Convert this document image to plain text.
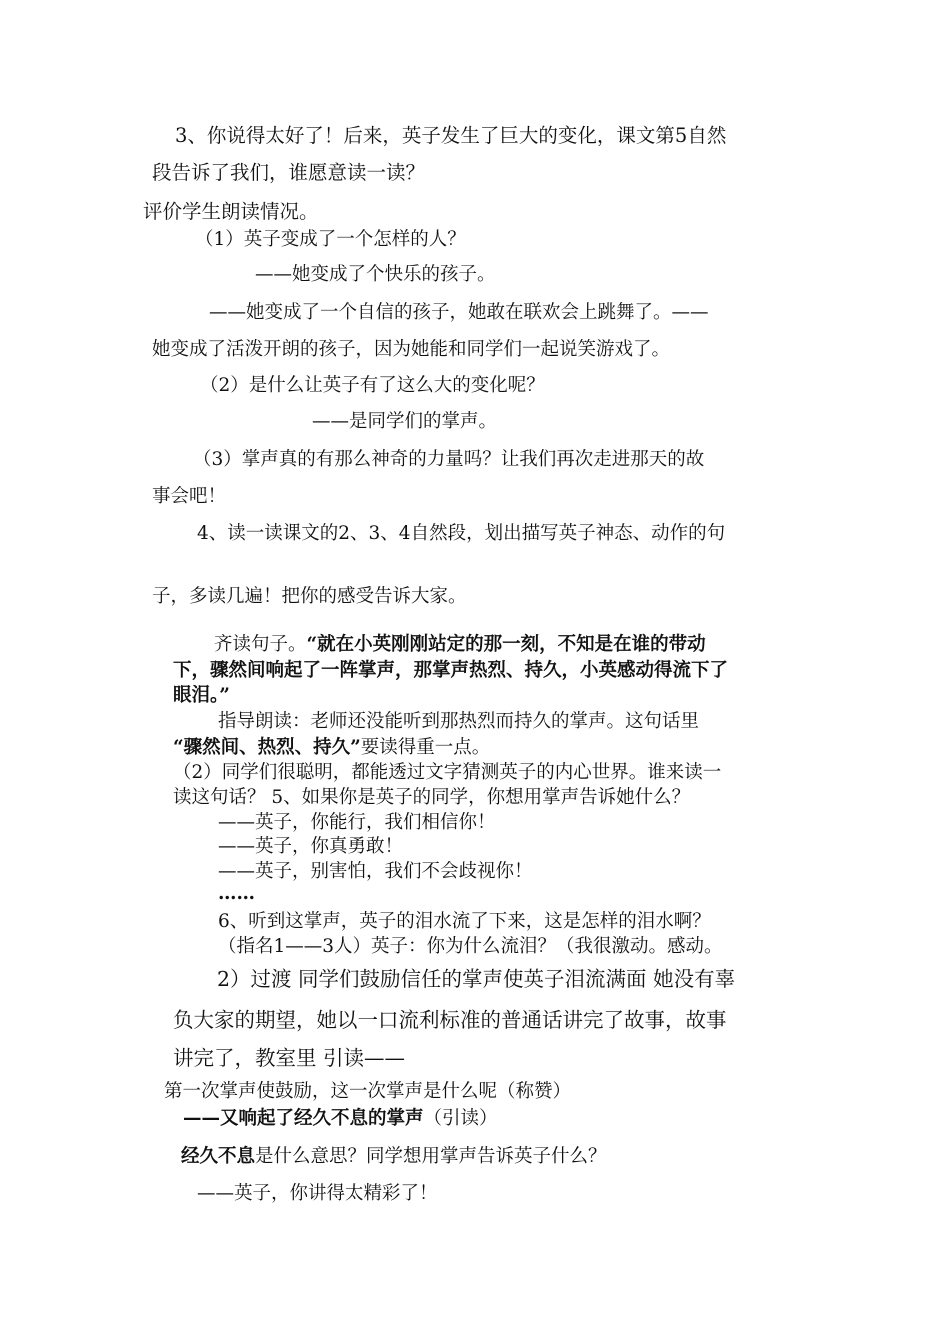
3、你说得太好了！后来，英子发生了巨大的变化，课文第5自然
段告诉了我们，谁愿意读一读？
评价学生朗读情况。
（1）英子变成了一个怎样的人？
——她变成了个快乐的孩子。
——她变成了一个自信的孩子，她敢在联欢会上跳舞了。——
她变成了活泼开朗的孩子，因为她能和同学们一起说笑游戏了。
（2）是什么让英子有了这么大的变化呢？
——是同学们的掌声。
（3）掌声真的有那么神奇的力量吗？让我们再次走进那天的故
事会吧！
4、读一读课文的2、3、4自然段，划出描写英子神态、动作的句
子，多读几遍！把你的感受告诉大家。
齐读句子。“就在小英刚刚站定的那一刻，不知是在谁的带动
下，骤然间响起了一阵掌声，那掌声热烈、持久，小英感动得流下了
眼泪。”
指导朗读：老师还没能听到那热烈而持久的掌声。这句话里
“骤然间、热烈、持久”要读得重一点。
（2）同学们很聪明，都能透过文字猜测英子的内心世界。谁来读一
读这句话？ 5、如果你是英子的同学，你想用掌声告诉她什么？
——英子，你能行，我们相信你！
——英子，你真勇敢！
——英子，别害怕，我们不会歧视你！
……
6、听到这掌声，英子的泪水流了下来，这是怎样的泪水啊？
（指名1——3人）英子：你为什么流泪？（我很激动。感动。
2）过渡 同学们鼓励信任的掌声使英子泪流满面 她没有辜
负大家的期望，她以一口流利标准的普通话讲完了故事，故事
讲完了，教室里 引读——
第一次掌声使鼓励，这一次掌声是什么呢（称赞）
——又响起了经久不息的掌声（引读）
经久不息是什么意思？同学想用掌声告诉英子什么？
——英子，你讲得太精彩了！
